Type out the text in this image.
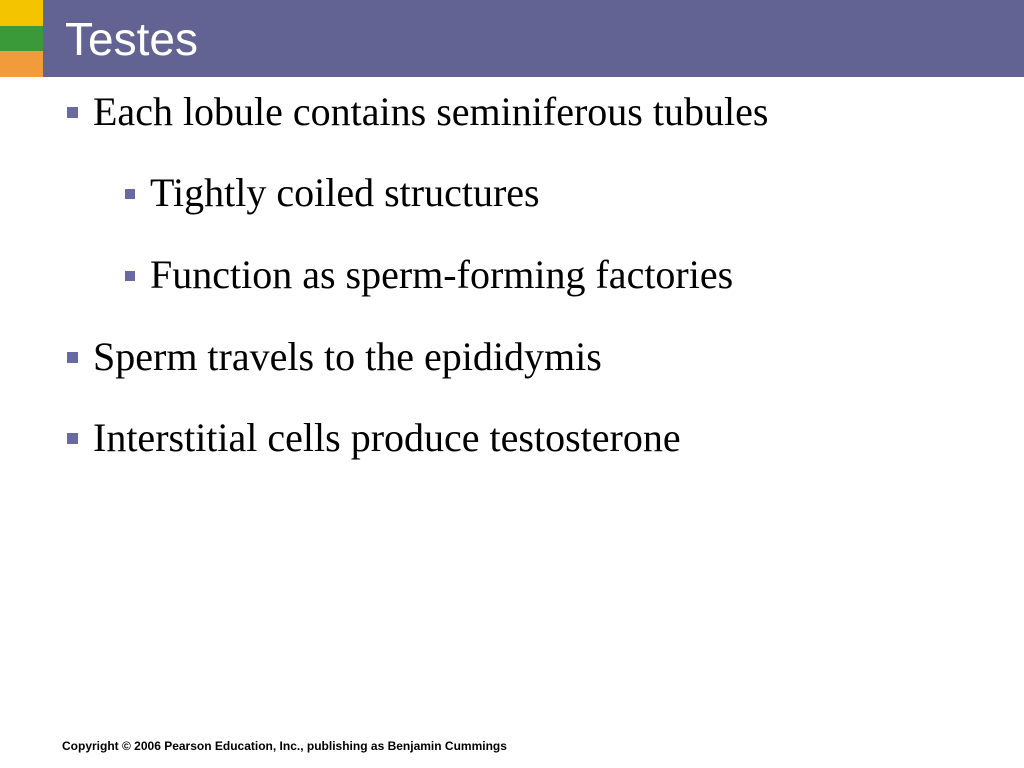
Testes
Each lobule contains seminiferous tubules
Tightly coiled structures
Function as sperm-forming factories
Sperm travels to the epididymis
Interstitial cells produce testosterone

Copyright © 2006 Pearson Education, Inc., publishing as Benjamin Cummings
